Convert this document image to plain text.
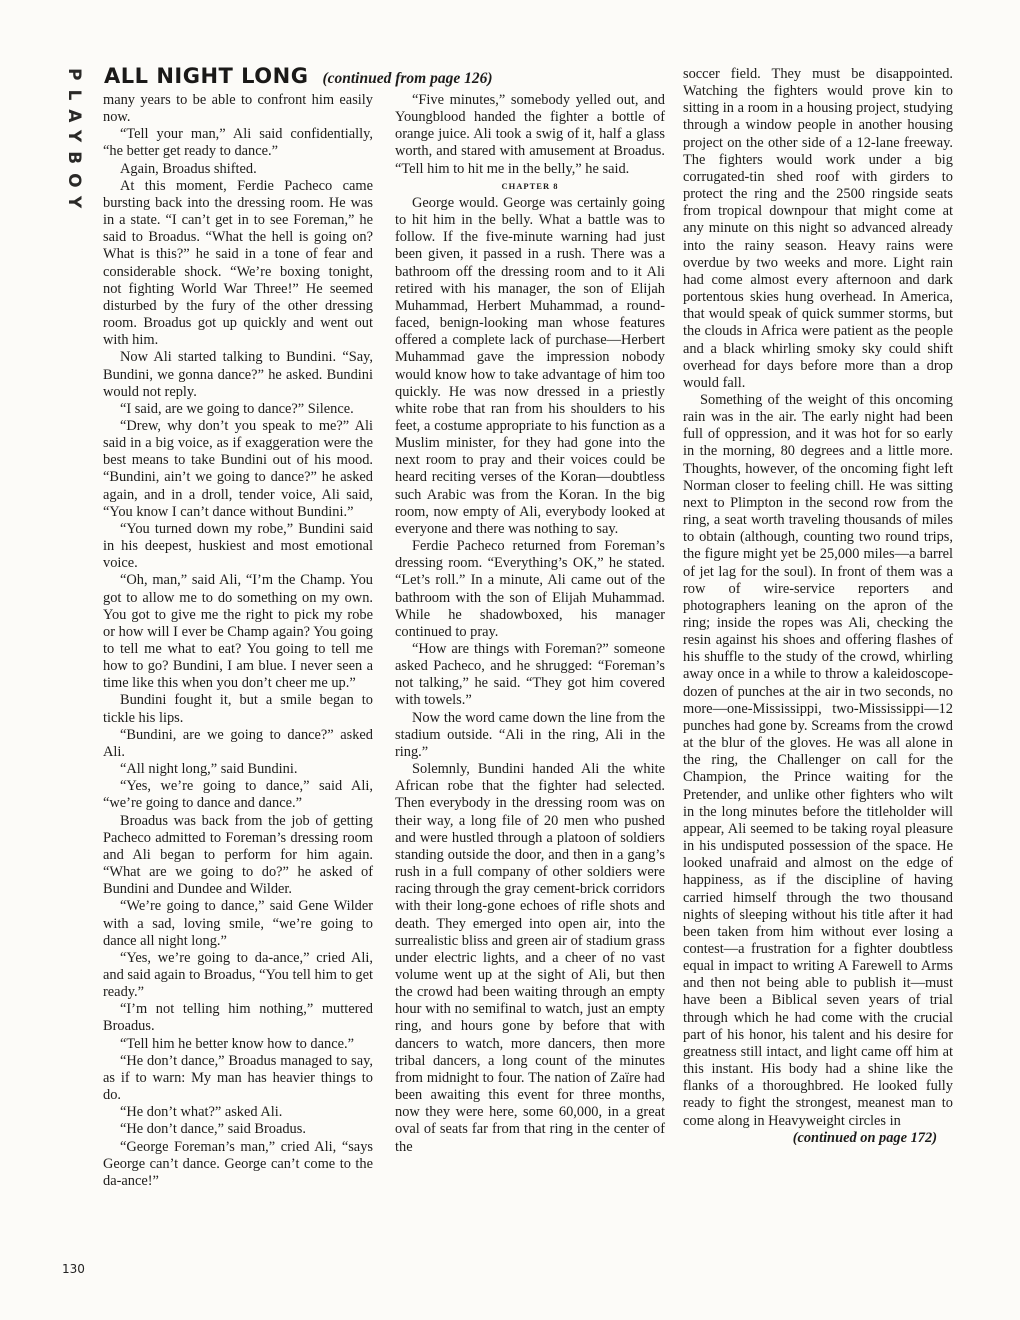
PLAYBOY ALL NIGHT LONG (continued from page 126)

many years to be able to confront him easily now.

“Tell your man,” Ali said confidentially, “he better get ready to dance.”

Again, Broadus shifted.

At this moment, Ferdie Pacheco came bursting back into the dressing room. He was in a state. “I can’t get in to see Foreman,” he said to Broadus. “What the hell is going on? What is this?” he said in a tone of fear and considerable shock. “We’re boxing tonight, not fighting World War Three!” He seemed disturbed by the fury of the other dressing room. Broadus got up quickly and went out with him.

Now Ali started talking to Bundini. “Say, Bundini, we gonna dance?” he asked. Bundini would not reply.

“I said, are we going to dance?” Silence.

“Drew, why don’t you speak to me?” Ali said in a big voice, as if exaggeration were the best means to take Bundini out of his mood. “Bundini, ain’t we going to dance?” he asked again, and in a droll, tender voice, Ali said, “You know I can’t dance without Bundini.”

“You turned down my robe,” Bundini said in his deepest, huskiest and most emotional voice.

“Oh, man,” said Ali, “I’m the Champ. You got to allow me to do something on my own. You got to give me the right to pick my robe or how will I ever be Champ again? You going to tell me what to eat? You going to tell me how to go? Bundini, I am blue. I never seen a time like this when you don’t cheer me up.”

Bundini fought it, but a smile began to tickle his lips.

“Bundini, are we going to dance?” asked Ali.

“All night long,” said Bundini.

“Yes, we’re going to dance,” said Ali, “we’re going to dance and dance.”

Broadus was back from the job of getting Pacheco admitted to Foreman’s dressing room and Ali began to perform for him again. “What are we going to do?” he asked of Bundini and Dundee and Wilder.

“We’re going to dance,” said Gene Wilder with a sad, loving smile, “we’re going to dance all night long.”

“Yes, we’re going to da-ance,” cried Ali, and said again to Broadus, “You tell him to get ready.”

“I’m not telling him nothing,” muttered Broadus.

“Tell him he better know how to dance.”

“He don’t dance,” Broadus managed to say, as if to warn: My man has heavier things to do.

“He don’t what?” asked Ali.

“He don’t dance,” said Broadus.

“George Foreman’s man,” cried Ali, “says George can’t dance. George can’t come to the da-ance!”

“Five minutes,” somebody yelled out, and Youngblood handed the fighter a bottle of orange juice. Ali took a swig of it, half a glass worth, and stared with amusement at Broadus. “Tell him to hit me in the belly,” he said.

CHAPTER 8

George would. George was certainly going to hit him in the belly. What a battle was to follow. If the five-minute warning had just been given, it passed in a rush. There was a bathroom off the dressing room and to it Ali retired with his manager, the son of Elijah Muhammad, Herbert Muhammad, a round-faced, benign-looking man whose features offered a complete lack of purchase—Herbert Muhammad gave the impression nobody would know how to take advantage of him too quickly. He was now dressed in a priestly white robe that ran from his shoulders to his feet, a costume appropriate to his function as a Muslim minister, for they had gone into the next room to pray and their voices could be heard reciting verses of the Koran—doubtless such Arabic was from the Koran. In the big room, now empty of Ali, everybody looked at everyone and there was nothing to say.

Ferdie Pacheco returned from Foreman’s dressing room. “Everything’s OK,” he stated. “Let’s roll.” In a minute, Ali came out of the bathroom with the son of Elijah Muhammad. While he shadowboxed, his manager continued to pray.

“How are things with Foreman?” someone asked Pacheco, and he shrugged: “Foreman’s not talking,” he said. “They got him covered with towels.”

Now the word came down the line from the stadium outside. “Ali in the ring, Ali in the ring.”

Solemnly, Bundini handed Ali the white African robe that the fighter had selected. Then everybody in the dressing room was on their way, a long file of 20 men who pushed and were hustled through a platoon of soldiers standing outside the door, and then in a gang’s rush in a full company of other soldiers were racing through the gray cement-brick corridors with their long-gone echoes of rifle shots and death. They emerged into open air, into the surrealistic bliss and green air of stadium grass under electric lights, and a cheer of no vast volume went up at the sight of Ali, but then the crowd had been waiting through an empty hour with no semifinal to watch, just an empty ring, and hours gone by before that with dancers to watch, more dancers, then more tribal dancers, a long count of the minutes from midnight to four. The nation of Zaïre had been awaiting this event for three months, now they were here, some 60,000, in a great oval of seats far from that ring in the center of the

soccer field. They must be disappointed. Watching the fighters would prove kin to sitting in a room in a housing project, studying through a window people in another housing project on the other side of a 12-lane freeway. The fighters would work under a big corrugated-tin shed roof with girders to protect the ring and the 2500 ringside seats from tropical downpour that might come at any minute on this night so advanced already into the rainy season. Heavy rains were overdue by two weeks and more. Light rain had come almost every afternoon and dark portentous skies hung overhead. In America, that would speak of quick summer storms, but the clouds in Africa were patient as the people and a black whirling smoky sky could shift overhead for days before more than a drop would fall.

Something of the weight of this oncoming rain was in the air. The early night had been full of oppression, and it was hot for so early in the morning, 80 degrees and a little more. Thoughts, however, of the oncoming fight left Norman closer to feeling chill. He was sitting next to Plimpton in the second row from the ring, a seat worth traveling thousands of miles to obtain (although, counting two round trips, the figure might yet be 25,000 miles—a barrel of jet lag for the soul). In front of them was a row of wire-service reporters and photographers leaning on the apron of the ring; inside the ropes was Ali, checking the resin against his shoes and offering flashes of his shuffle to the study of the crowd, whirling away once in a while to throw a kaleidoscope-dozen of punches at the air in two seconds, no more—one-Mississippi, two-Mississippi—12 punches had gone by. Screams from the crowd at the blur of the gloves. He was all alone in the ring, the Challenger on call for the Champion, the Prince waiting for the Pretender, and unlike other fighters who wilt in the long minutes before the titleholder will appear, Ali seemed to be taking royal pleasure in his undisputed possession of the space. He looked unafraid and almost on the edge of happiness, as if the discipline of having carried himself through the two thousand nights of sleeping without his title after it had been taken from him without ever losing a contest—a frustration for a fighter doubtless equal in impact to writing A Farewell to Arms and then not being able to publish it—must have been a Biblical seven years of trial through which he had come with the crucial part of his honor, his talent and his desire for greatness still intact, and light came off him at this instant. His body had a shine like the flanks of a thoroughbred. He looked fully ready to fight the strongest, meanest man to come along in Heavyweight circles in

(continued on page 172)

130
